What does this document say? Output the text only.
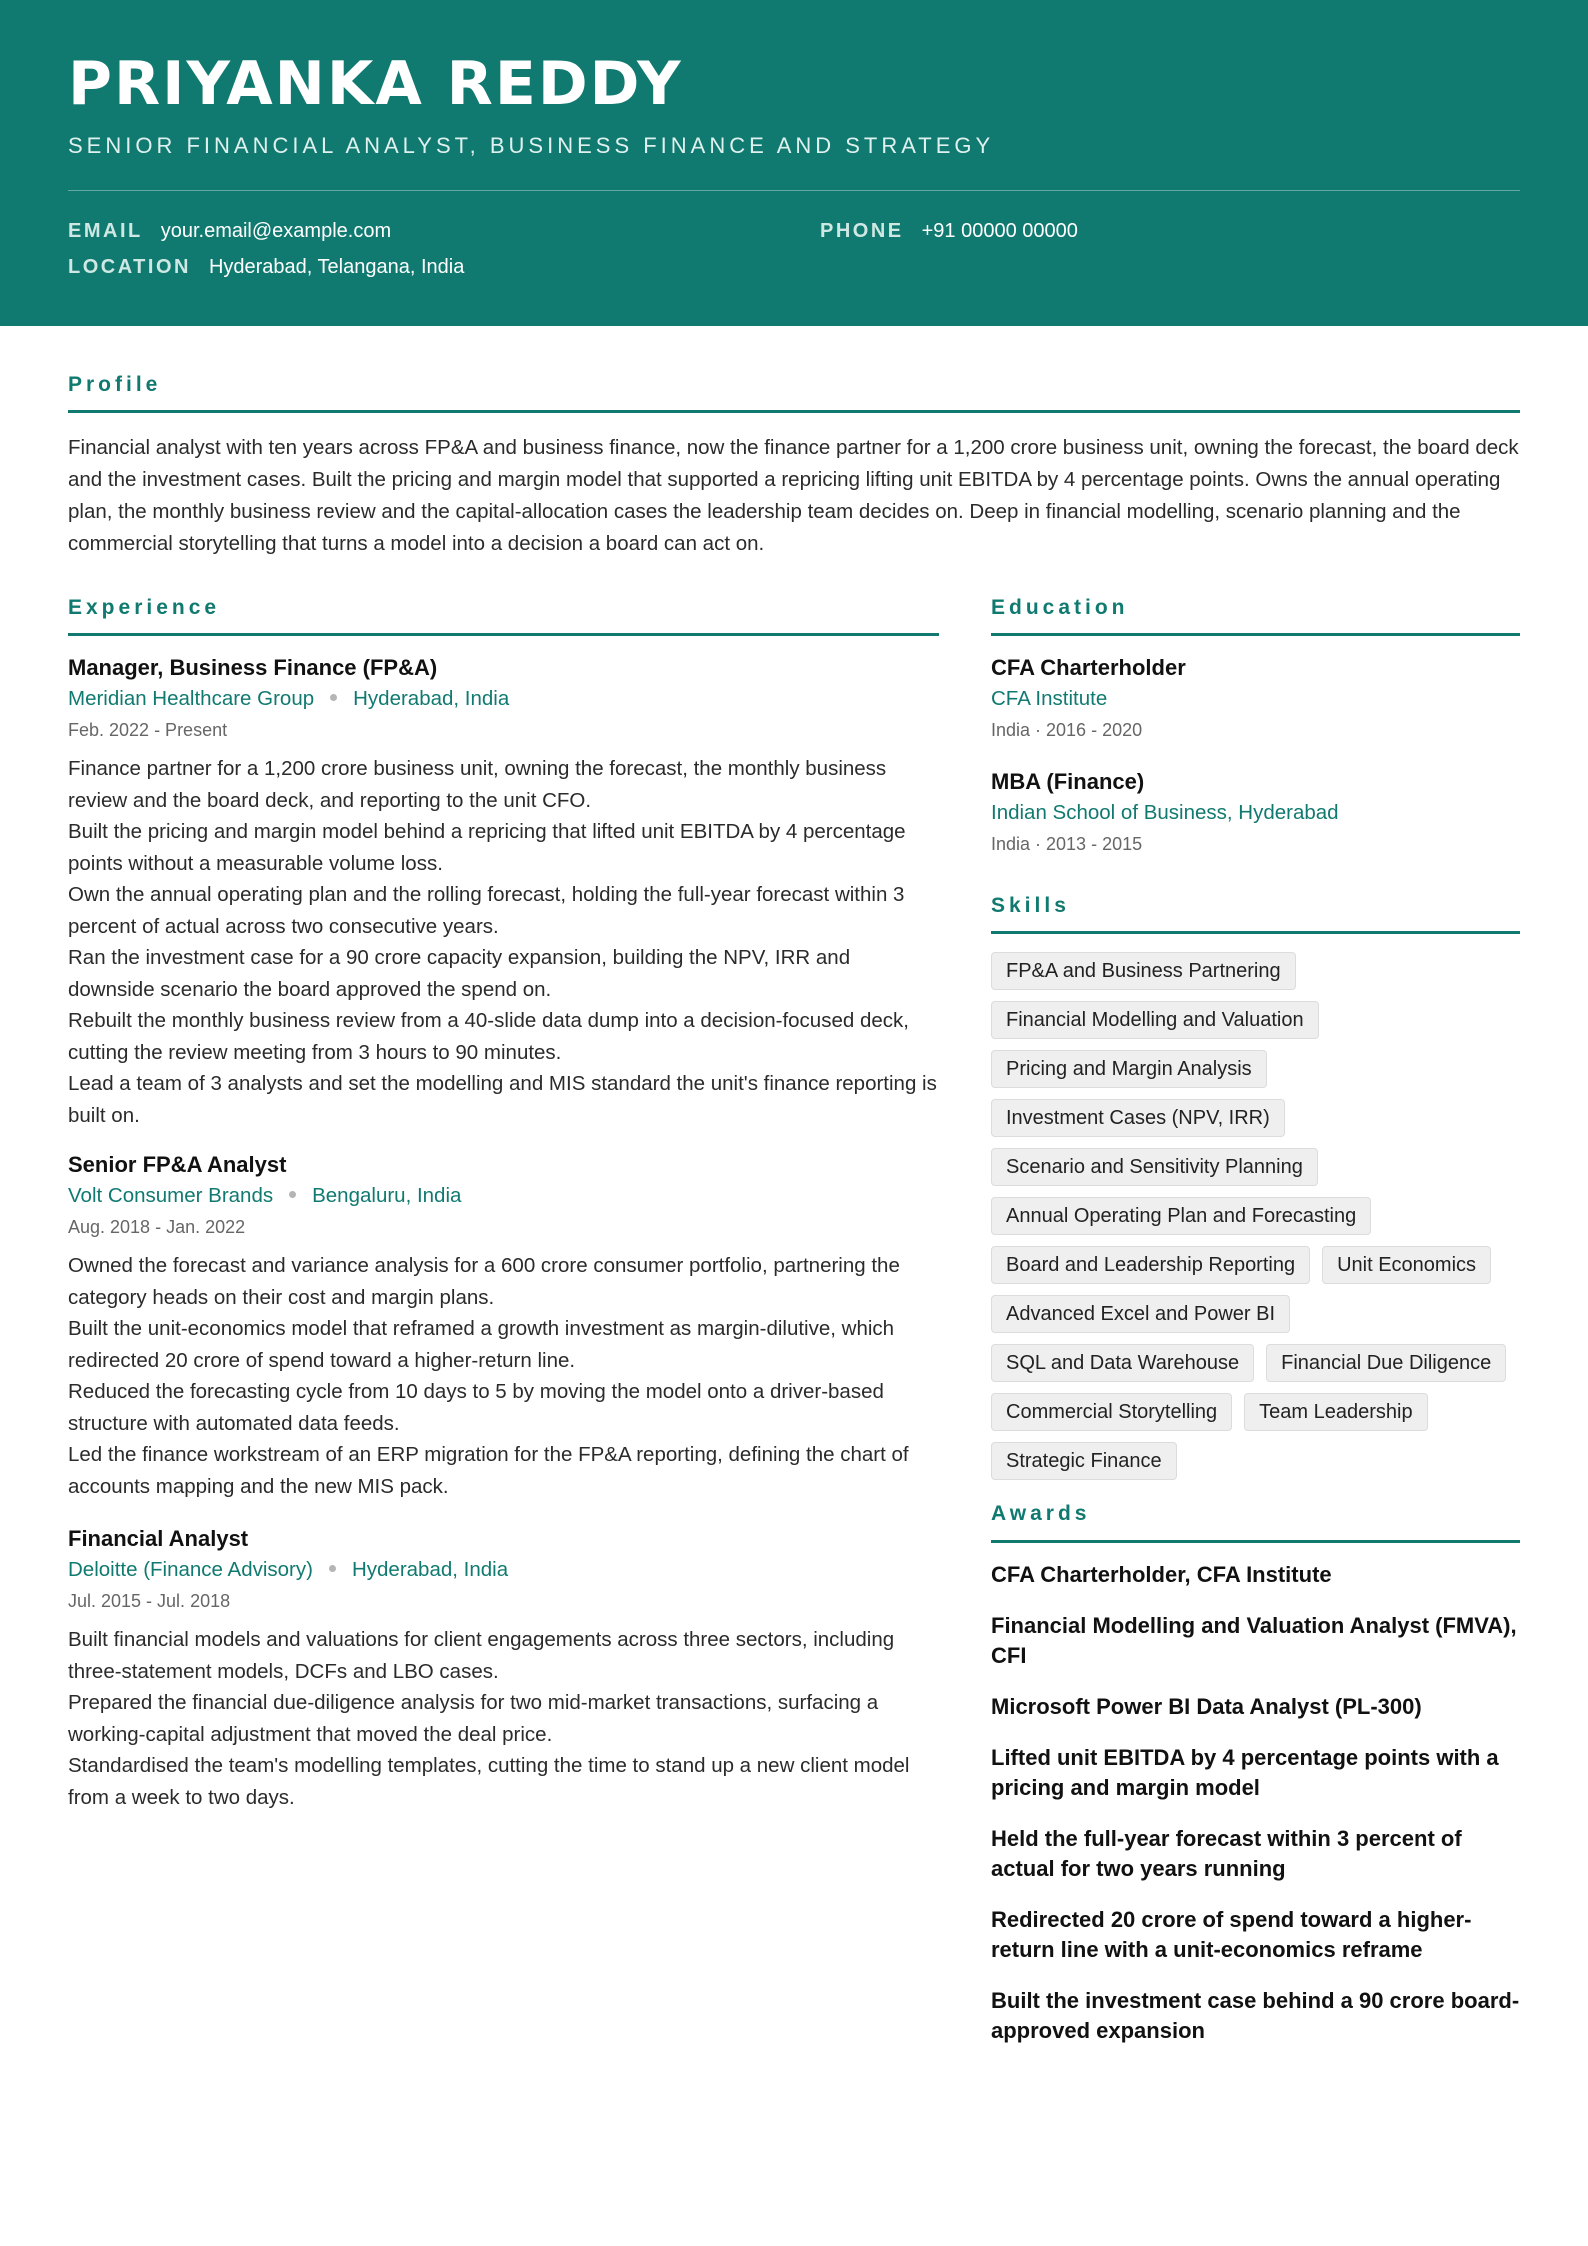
PRIYANKA REDDY
SENIOR FINANCIAL ANALYST, BUSINESS FINANCE AND STRATEGY
EMAIL your.email@example.com	PHONE +91 00000 00000
LOCATION Hyderabad, Telangana, India
Profile
Financial analyst with ten years across FP&A and business finance, now the finance partner for a 1,200 crore business unit, owning the forecast, the board deck and the investment cases. Built the pricing and margin model that supported a repricing lifting unit EBITDA by 4 percentage points. Owns the annual operating plan, the monthly business review and the capital-allocation cases the leadership team decides on. Deep in financial modelling, scenario planning and the commercial storytelling that turns a model into a decision a board can act on.
Experience
Manager, Business Finance (FP&A)
Meridian Healthcare Group Hyderabad, India
Feb. 2022 - Present
Finance partner for a 1,200 crore business unit, owning the forecast, the monthly business review and the board deck, and reporting to the unit CFO.
Built the pricing and margin model behind a repricing that lifted unit EBITDA by 4 percentage points without a measurable volume loss.
Own the annual operating plan and the rolling forecast, holding the full-year forecast within 3 percent of actual across two consecutive years.
Ran the investment case for a 90 crore capacity expansion, building the NPV, IRR and downside scenario the board approved the spend on.
Rebuilt the monthly business review from a 40-slide data dump into a decision-focused deck, cutting the review meeting from 3 hours to 90 minutes.
Lead a team of 3 analysts and set the modelling and MIS standard the unit's finance reporting is built on.
Senior FP&A Analyst
Volt Consumer Brands Bengaluru, India
Aug. 2018 - Jan. 2022
Owned the forecast and variance analysis for a 600 crore consumer portfolio, partnering the category heads on their cost and margin plans.
Built the unit-economics model that reframed a growth investment as margin-dilutive, which redirected 20 crore of spend toward a higher-return line.
Reduced the forecasting cycle from 10 days to 5 by moving the model onto a driver-based structure with automated data feeds.
Led the finance workstream of an ERP migration for the FP&A reporting, defining the chart of accounts mapping and the new MIS pack.
Financial Analyst
Deloitte (Finance Advisory) Hyderabad, India
Jul. 2015 - Jul. 2018
Built financial models and valuations for client engagements across three sectors, including three-statement models, DCFs and LBO cases.
Prepared the financial due-diligence analysis for two mid-market transactions, surfacing a working-capital adjustment that moved the deal price.
Standardised the team's modelling templates, cutting the time to stand up a new client model from a week to two days.
Education
CFA Charterholder
CFA Institute
India · 2016 - 2020
MBA (Finance)
Indian School of Business, Hyderabad
India · 2013 - 2015
Skills
FP&A and Business Partnering
Financial Modelling and Valuation
Pricing and Margin Analysis
Investment Cases (NPV, IRR)
Scenario and Sensitivity Planning
Annual Operating Plan and Forecasting
Board and Leadership Reporting	Unit Economics
Advanced Excel and Power BI
SQL and Data Warehouse	Financial Due Diligence
Commercial Storytelling	Team Leadership
Strategic Finance
Awards
CFA Charterholder, CFA Institute
Financial Modelling and Valuation Analyst (FMVA), CFI
Microsoft Power BI Data Analyst (PL-300)
Lifted unit EBITDA by 4 percentage points with a pricing and margin model
Held the full-year forecast within 3 percent of actual for two years running
Redirected 20 crore of spend toward a higher-return line with a unit-economics reframe
Built the investment case behind a 90 crore board-approved expansion
